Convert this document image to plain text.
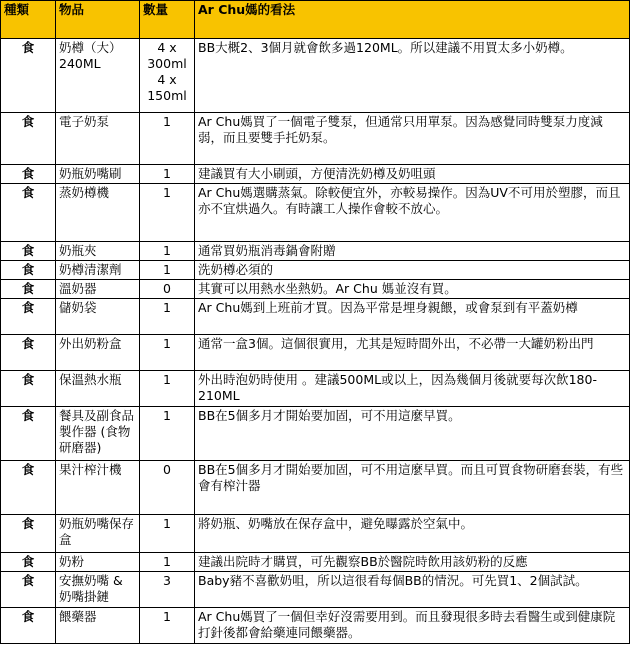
種類	物品	數量	Ar Chu媽的看法
食	奶樽（大）240ML	4 x 300ml 4 x 150ml	BB大概2、3個月就會飲多過120ML。所以建議不用買太多小奶樽。
食	電子奶泵	1	Ar Chu媽買了一個電子雙泵，但通常只用單泵。因為感覺同時雙泵力度減弱，而且要雙手托奶泵。
食	奶瓶奶嘴刷	1	建議買有大小刷頭，方便清洗奶樽及奶咀頭
食	蒸奶樽機	1	Ar Chu媽選購蒸氣。除較便宜外，亦較易操作。因為UV不可用於塑膠，而且亦不宜烘過久。有時讓工人操作會較不放心。
食	奶瓶夾	1	通常買奶瓶消毒鍋會附贈
食	奶樽清潔劑	1	洗奶樽必須的
食	溫奶器	0	其實可以用熱水坐熱奶。Ar Chu 媽並沒有買。
食	儲奶袋	1	Ar Chu媽到上班前才買。因為平常是埋身親餵，或會泵到有平蓋奶樽
食	外出奶粉盒	1	通常一盒3個。這個很實用，尤其是短時間外出，不必帶一大罐奶粉出門
食	保溫熱水瓶	1	外出時泡奶時使用 。建議500ML或以上，因為幾個月後就要每次飲180-210ML
食	餐具及副食品製作器 (食物研磨器)	1	BB在5個多月才開始要加固，可不用這麼早買。
食	果汁榨汁機	0	BB在5個多月才開始要加固，可不用這麼早買。而且可買食物研磨套裝，有些會有榨汁器
食	奶瓶奶嘴保存盒	1	將奶瓶、奶嘴放在保存盒中，避免曝露於空氣中。
食	奶粉	1	建議出院時才購買，可先觀察BB於醫院時飲用該奶粉的反應
食	安撫奶嘴 & 奶嘴掛鏈	3	Baby豬不喜歡奶咀，所以這很看每個BB的情況。可先買1、2個試試。
食	餵藥器	1	Ar Chu媽買了一個但幸好沒需要用到。而且發現很多時去看醫生或到健康院打針後都會給藥連同餵藥器。
